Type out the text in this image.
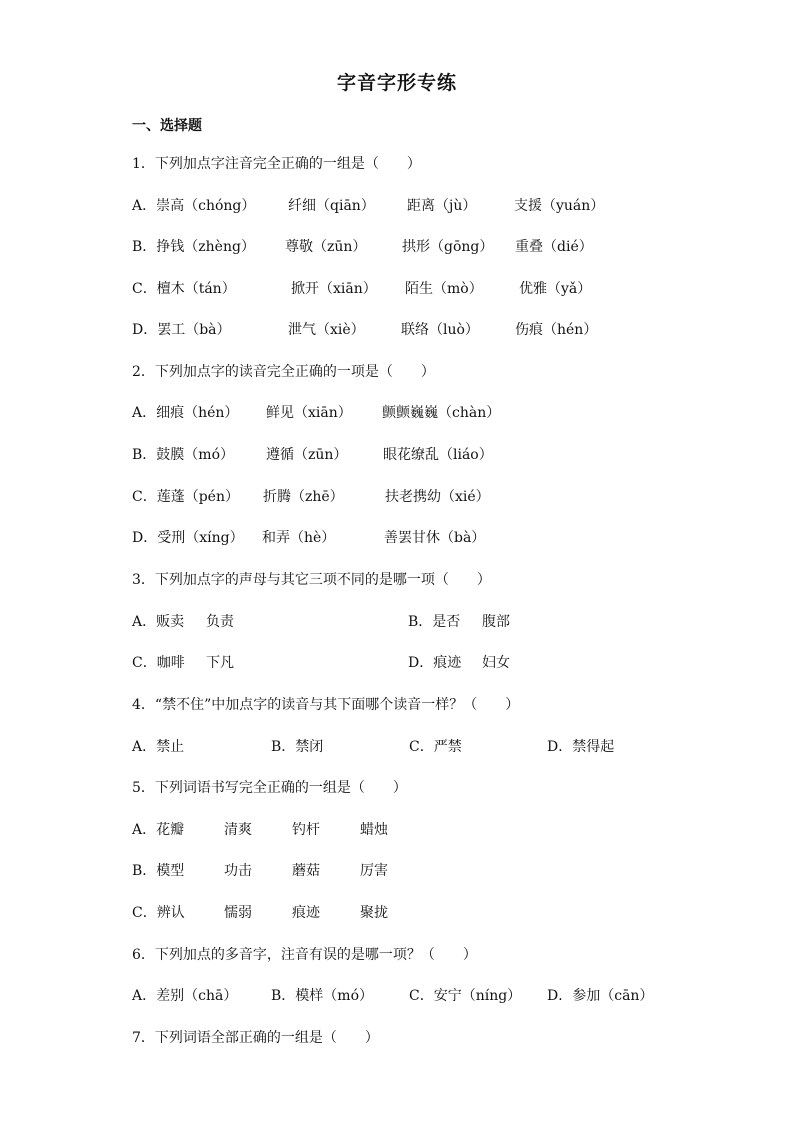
字音字形专练
一、选择题
1．下列加点字注音完全正确的一组是（　　）
A．崇高（chóng） 纤细（qiān） 距离（jù）	支援（yuán）
B．挣钱（zhèng） 尊敬（zūn）	拱形（gōng） 重叠（dié）
C．檀木（tán）	掀开（xiān） 陌生（mò）	优雅（yǎ）
D．罢工（bà）	泄气（xiè）	联络（luò）	伤痕（hén）
2．下列加点字的读音完全正确的一项是（　　）
A．细痕（hén） 鲜见（xiān） 颤颤巍巍（chàn）
B．鼓膜（mó） 遵循（zūn）	眼花缭乱（liáo）
C．莲蓬（pén） 折腾（zhē）	扶老携幼（xié）
D．受刑（xíng） 和弄（hè）	善罢甘休（bà）
3．下列加点字的声母与其它三项不同的是哪一项（　　）
A．贩卖 负责	B．是否 腹部
C．咖啡 下凡	D．痕迹 妇女
4．“禁不住”中加点字的读音与其下面哪个读音一样？（　　）
A．禁止	B．禁闭	C．严禁	D．禁得起
5．下列词语书写完全正确的一组是（　　）
A．花瓣	清爽	钓杆	蜡烛
B．模型	功击	蘑菇	厉害
C．辨认	懦弱	痕迹	聚拢
6．下列加点的多音字，注音有误的是哪一项？（　　）
A．差别（chā） B．模样（mó）	C．安宁（níng） D．参加（cān）
7．下列词语全部正确的一组是（　　）
